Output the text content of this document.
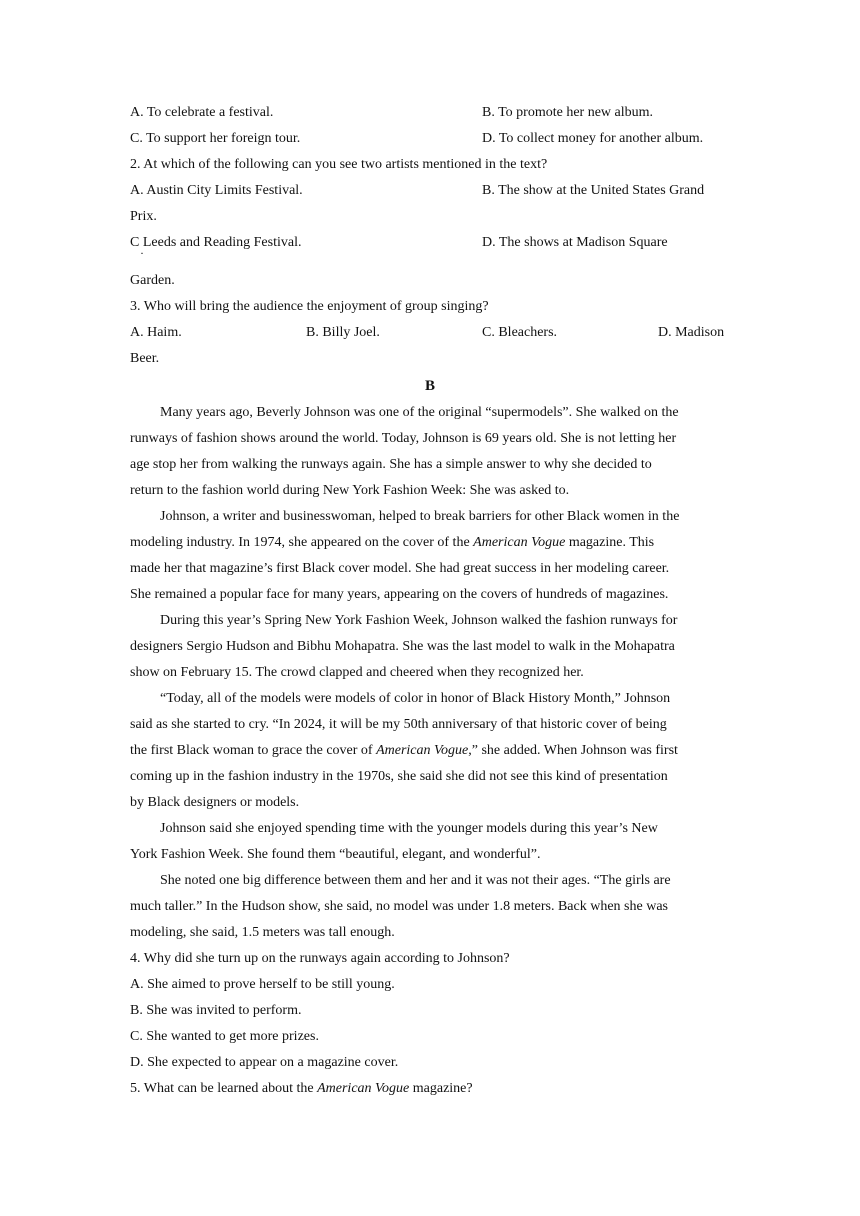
A. To celebrate a festival.	B. To promote her new album.
C. To support her foreign tour.	D. To collect money for another album.
2. At which of the following can you see two artists mentioned in the text?
A. Austin City Limits Festival.	B. The show at the United States Grand
Prix.
C Leeds and Reading Festival. ·	D. The shows at Madison Square
Garden.
3. Who will bring the audience the enjoyment of group singing?
A. Haim.	B. Billy Joel.	C. Bleachers.	D. Madison
Beer.
B
Many years ago, Beverly Johnson was one of the original “supermodels”. She walked on the
runways of fashion shows around the world. Today, Johnson is 69 years old. She is not letting her
age stop her from walking the runways again. She has a simple answer to why she decided to
return to the fashion world during New York Fashion Week: She was asked to.
Johnson, a writer and businesswoman, helped to break barriers for other Black women in the
modeling industry. In 1974, she appeared on the cover of the American Vogue magazine. This
made her that magazine’s first Black cover model. She had great success in her modeling career.
She remained a popular face for many years, appearing on the covers of hundreds of magazines.
During this year’s Spring New York Fashion Week, Johnson walked the fashion runways for
designers Sergio Hudson and Bibhu Mohapatra. She was the last model to walk in the Mohapatra
show on February 15. The crowd clapped and cheered when they recognized her.
“Today, all of the models were models of color in honor of Black History Month,” Johnson
said as she started to cry. “In 2024, it will be my 50th anniversary of that historic cover of being
the first Black woman to grace the cover of American Vogue,” she added. When Johnson was first
coming up in the fashion industry in the 1970s, she said she did not see this kind of presentation
by Black designers or models.
Johnson said she enjoyed spending time with the younger models during this year’s New
York Fashion Week. She found them “beautiful, elegant, and wonderful”.
She noted one big difference between them and her and it was not their ages. “The girls are
much taller.” In the Hudson show, she said, no model was under 1.8 meters. Back when she was
modeling, she said, 1.5 meters was tall enough.
4. Why did she turn up on the runways again according to Johnson?
A. She aimed to prove herself to be still young.
B. She was invited to perform.
C. She wanted to get more prizes.
D. She expected to appear on a magazine cover.
5. What can be learned about the American Vogue magazine?
